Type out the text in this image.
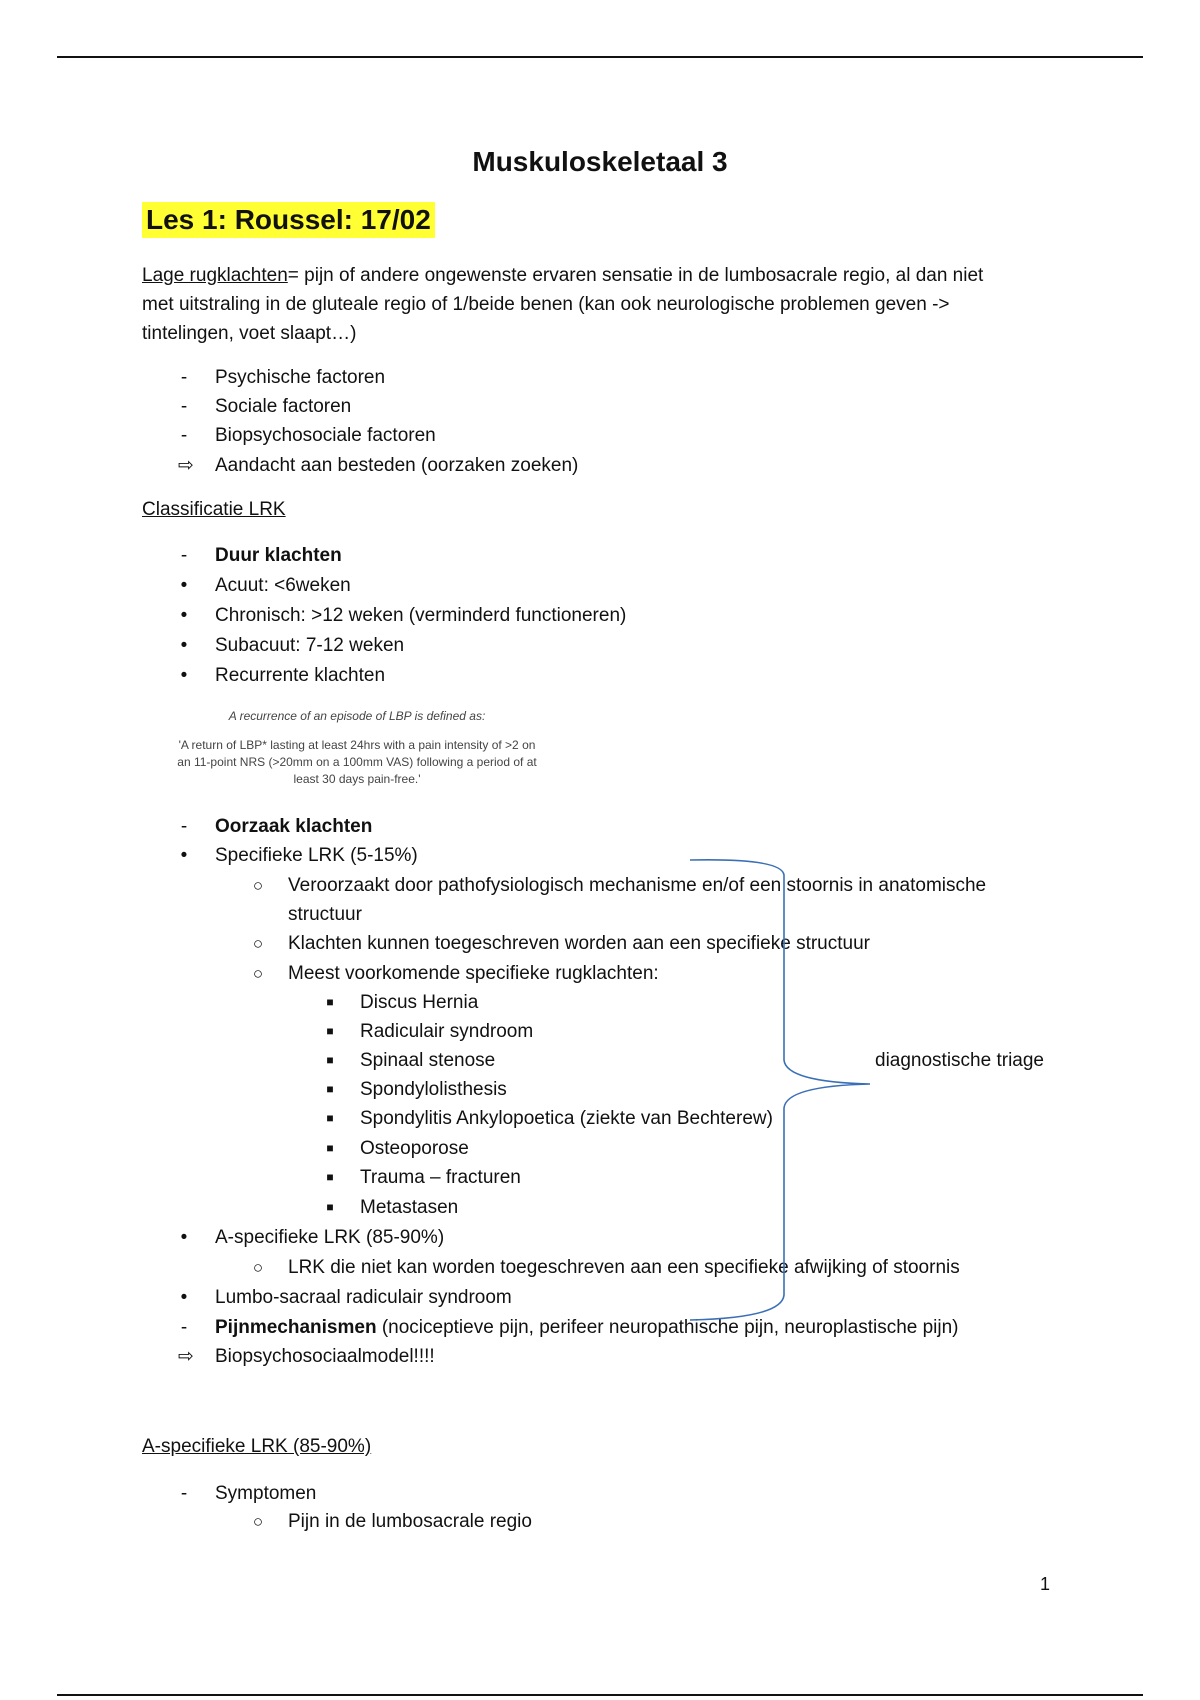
Muskuloskeletaal 3
Les 1: Roussel: 17/02
Lage rugklachten= pijn of andere ongewenste ervaren sensatie in de lumbosacrale regio, al dan niet
met uitstraling in de gluteale regio of 1/beide benen (kan ook neurologische problemen geven ->
tintelingen, voet slaapt…)
-	Psychische factoren
-	Sociale factoren
-	Biopsychosociale factoren
⇨ Aandacht aan besteden (oorzaken zoeken)
Classificatie LRK
-	Duur klachten
•	Acuut: <6weken
•	Chronisch: >12 weken (verminderd functioneren)
•	Subacuut: 7-12 weken
•	Recurrente klachten
A recurrence of an episode of LBP is defined as:
'A return of LBP* lasting at least 24hrs with a pain intensity of >2 on
an 11-point NRS (>20mm on a 100mm VAS) following a period of at
least 30 days pain-free.'
-	Oorzaak klachten
•	Specifieke LRK (5-15%)
○ Veroorzaakt door pathofysiologisch mechanisme en/of een stoornis in anatomische
structuur
○ Klachten kunnen toegeschreven worden aan een specifieke structuur
○ Meest voorkomende specifieke rugklachten:
■	Discus Hernia
■	Radiculair syndroom
■	Spinaal stenose
■	Spondylolisthesis
■	Spondylitis Ankylopoetica (ziekte van Bechterew)
■	Osteoporose
■	Trauma – fracturen
■	Metastasen
•	A-specifieke LRK (85-90%)
○ LRK die niet kan worden toegeschreven aan een specifieke afwijking of stoornis
•	Lumbo-sacraal radiculair syndroom
-	Pijnmechanismen (nociceptieve pijn, perifeer neuropathische pijn, neuroplastische pijn)
⇨ Biopsychosociaalmodel!!!!
diagnostische triage
A-specifieke LRK (85-90%)
-	Symptomen
○ Pijn in de lumbosacrale regio
1
